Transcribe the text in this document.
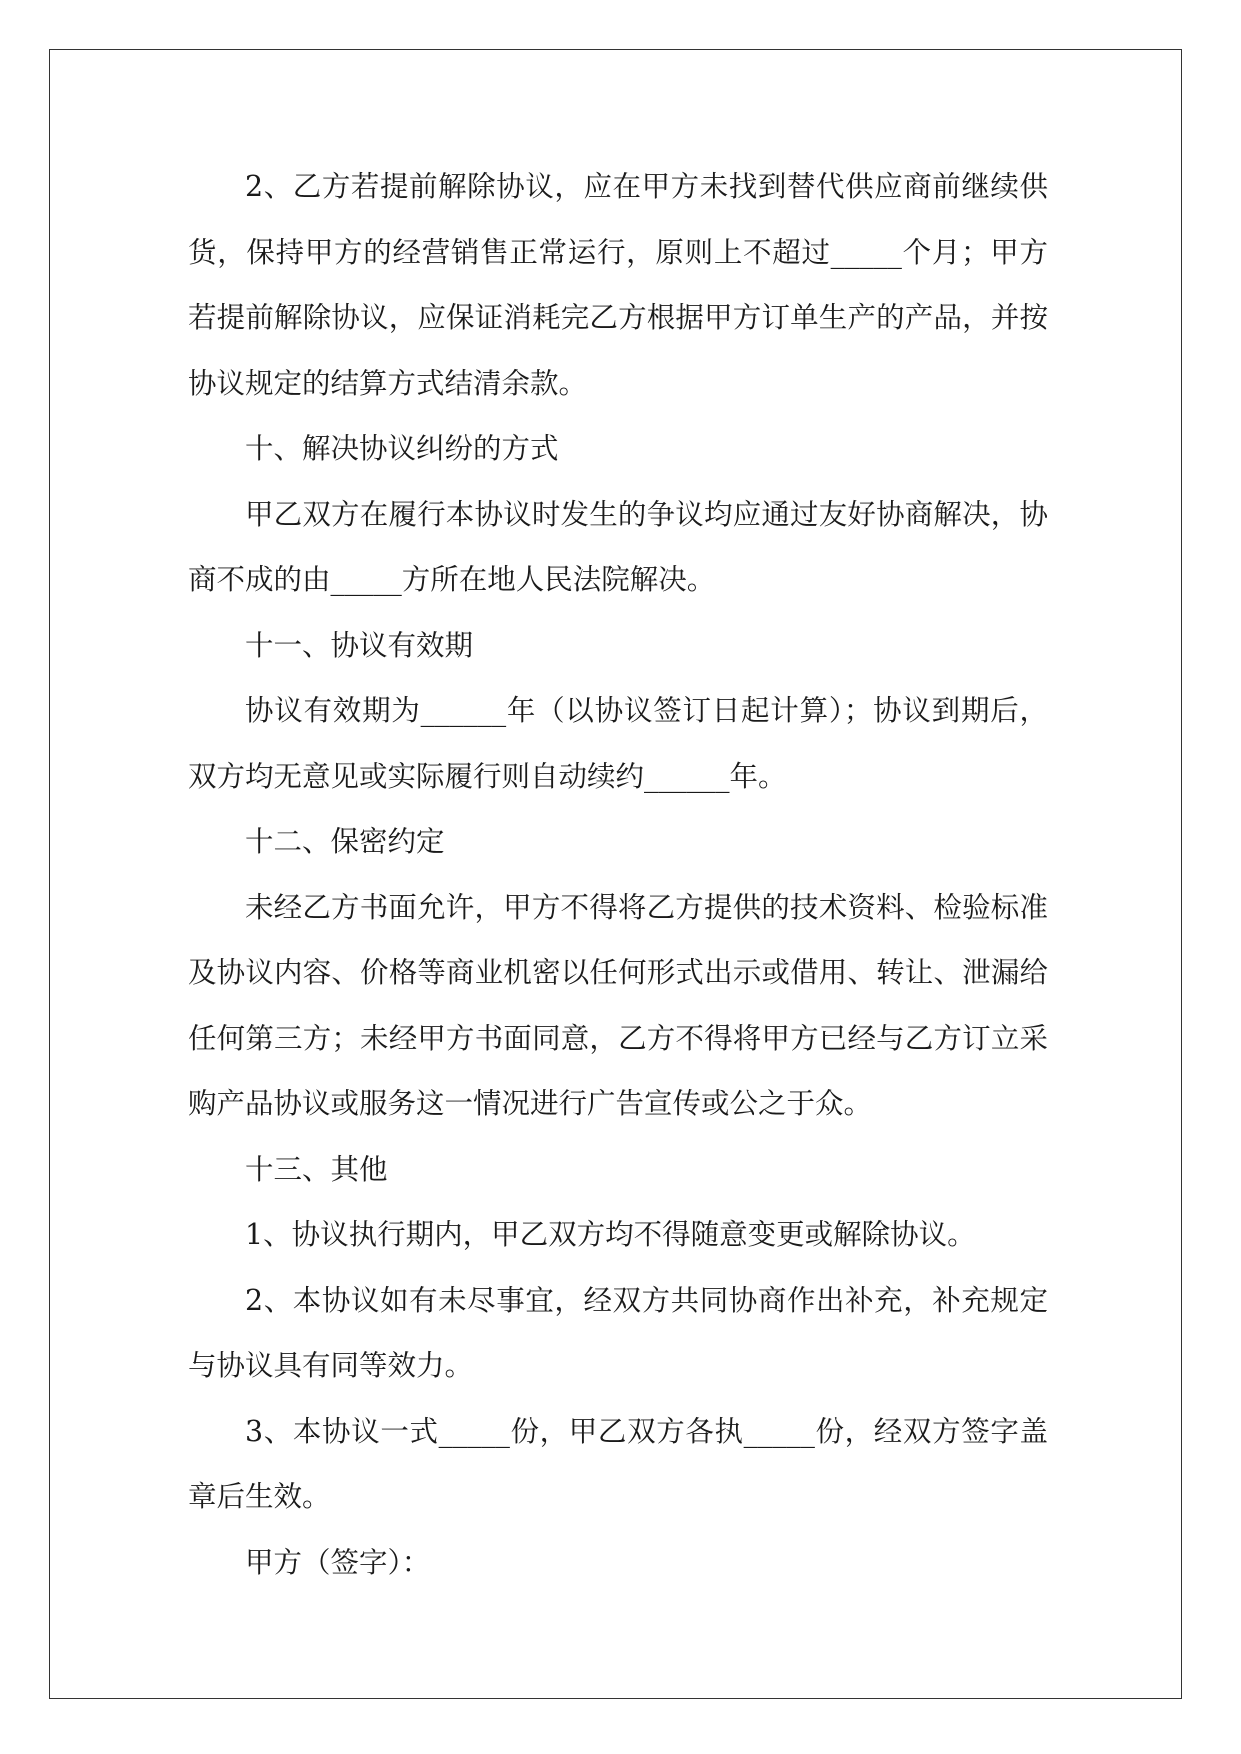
2、乙方若提前解除协议，应在甲方未找到替代供应商前继续供货，保持甲方的经营销售正常运行，原则上不超过_____个月；甲方若提前解除协议，应保证消耗完乙方根据甲方订单生产的产品，并按协议规定的结算方式结清余款。

十、解决协议纠纷的方式

甲乙双方在履行本协议时发生的争议均应通过友好协商解决，协商不成的由_____方所在地人民法院解决。

十一、协议有效期

协议有效期为______年（以协议签订日起计算）；协议到期后，双方均无意见或实际履行则自动续约______年。

十二、保密约定

未经乙方书面允许，甲方不得将乙方提供的技术资料、检验标准及协议内容、价格等商业机密以任何形式出示或借用、转让、泄漏给任何第三方；未经甲方书面同意，乙方不得将甲方已经与乙方订立采购产品协议或服务这一情况进行广告宣传或公之于众。

十三、其他

1、协议执行期内，甲乙双方均不得随意变更或解除协议。

2、本协议如有未尽事宜，经双方共同协商作出补充，补充规定与协议具有同等效力。

3、本协议一式_____份，甲乙双方各执_____份，经双方签字盖章后生效。

甲方（签字）：
